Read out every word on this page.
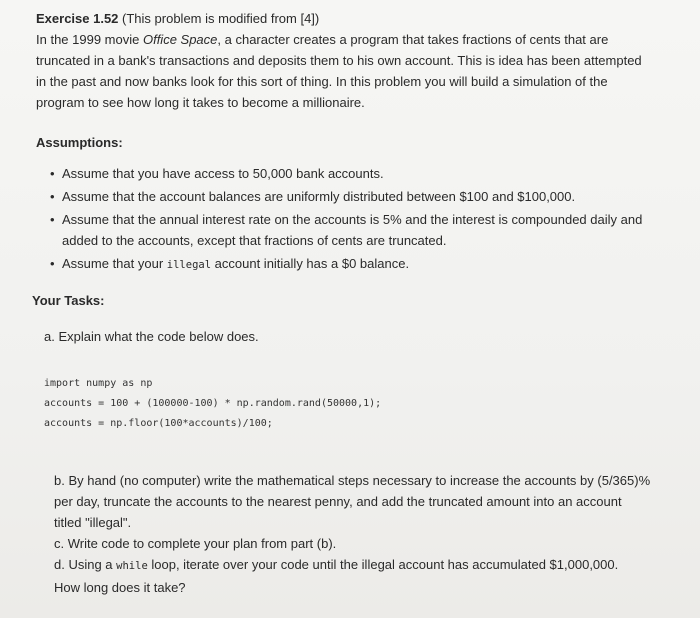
Exercise 1.52 (This problem is modified from [4])

In the 1999 movie Office Space, a character creates a program that takes fractions of cents that are
truncated in a bank's transactions and deposits them to his own account. This is idea has been attempted
in the past and now banks look for this sort of thing. In this problem you will build a simulation of the
program to see how long it takes to become a millionaire.

Assumptions:

• Assume that you have access to 50,000 bank accounts.
• Assume that the account balances are uniformly distributed between $100 and $100,000.
• Assume that the annual interest rate on the accounts is 5% and the interest is compounded daily and
added to the accounts, except that fractions of cents are truncated.
• Assume that your illegal account initially has a $0 balance.

Your Tasks:

a. Explain what the code below does.

import numpy as np
accounts = 100 + (100000-100) * np.random.rand(50000,1);
accounts = np.floor(100*accounts)/100;
b. By hand (no computer) write the mathematical steps necessary to increase the accounts by (5/365)%
per day, truncate the accounts to the nearest penny, and add the truncated amount into an account
titled "illegal".
c. Write code to complete your plan from part (b).
d. Using a while loop, iterate over your code until the illegal account has accumulated $1,000,000.
How long does it take?
